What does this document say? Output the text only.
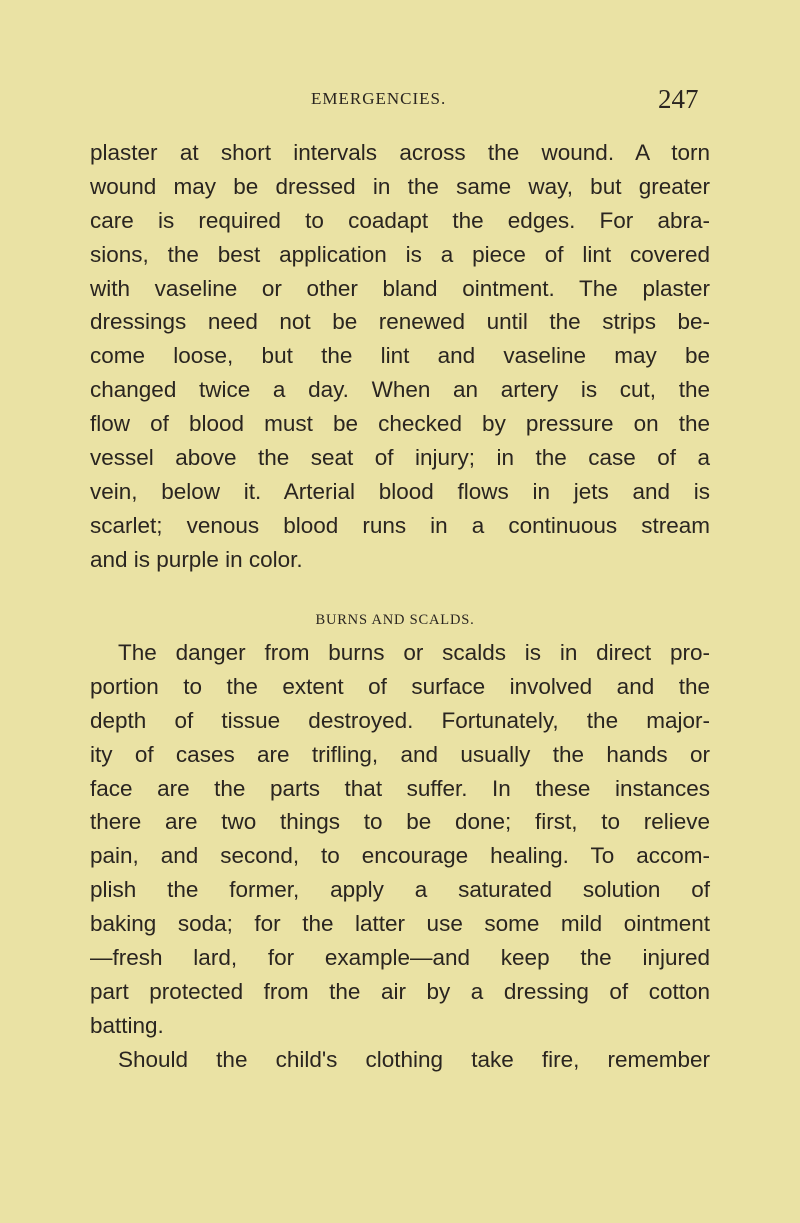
EMERGENCIES.	247
plaster at short intervals across the wound. A torn
wound may be dressed in the same way, but greater
care is required to coadapt the edges. For abra-
sions, the best application is a piece of lint covered
with vaseline or other bland ointment. The plaster
dressings need not be renewed until the strips be-
come loose, but the lint and vaseline may be
changed twice a day. When an artery is cut, the
flow of blood must be checked by pressure on the
vessel above the seat of injury; in the case of a
vein, below it. Arterial blood flows in jets and is
scarlet; venous blood runs in a continuous stream
and is purple in color.
BURNS AND SCALDS.
The danger from burns or scalds is in direct pro-
portion to the extent of surface involved and the
depth of tissue destroyed. Fortunately, the major-
ity of cases are trifling, and usually the hands or
face are the parts that suffer. In these instances
there are two things to be done; first, to relieve
pain, and second, to encourage healing. To accom-
plish the former, apply a saturated solution of
baking soda; for the latter use some mild ointment
—fresh lard, for example—and keep the injured
part protected from the air by a dressing of cotton
batting.
Should the child's clothing take fire, remember
